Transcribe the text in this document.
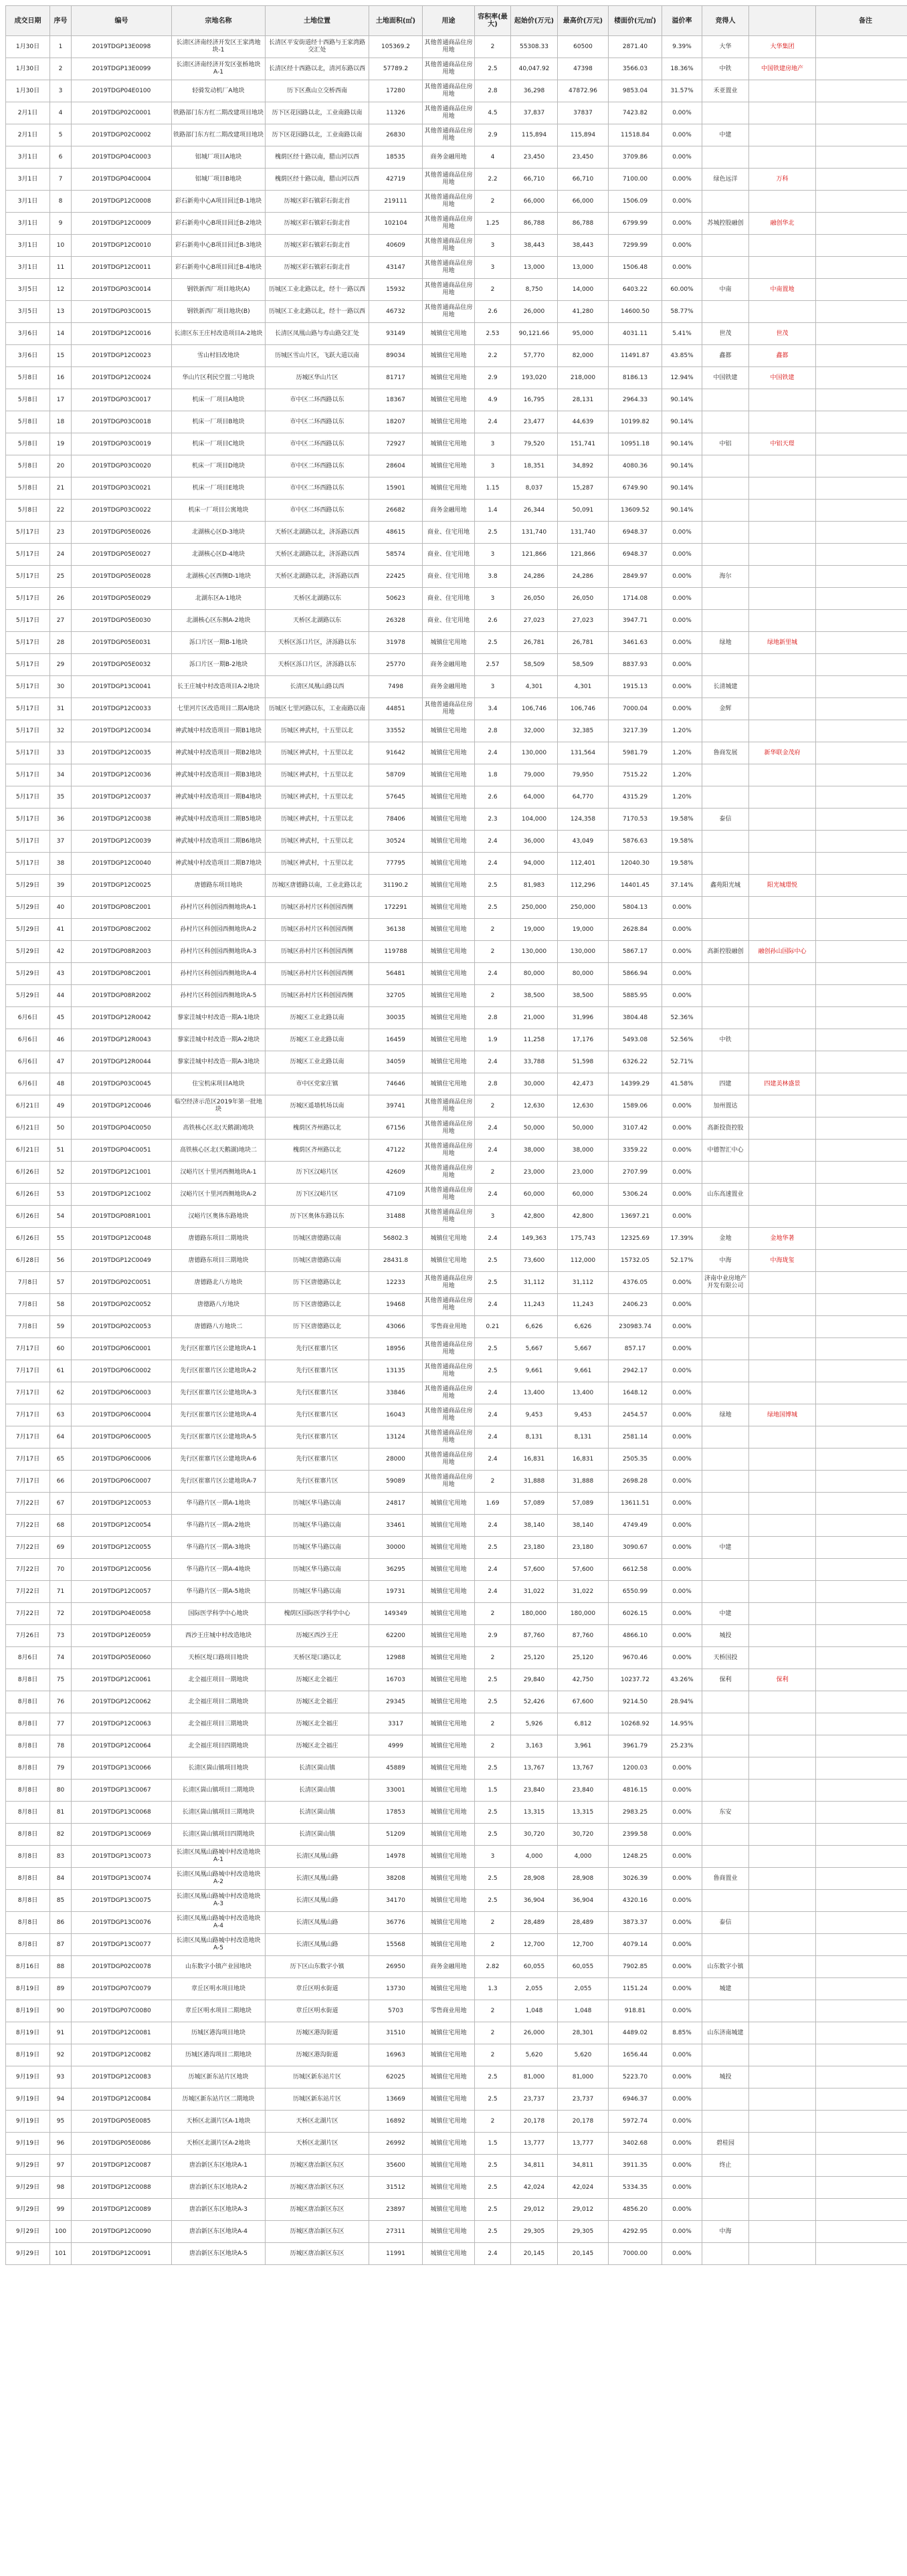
成交日期	序号	编号	宗地名称	土地位置	土地面积(㎡)	用途	容积率(最大)	起始价(万元)	最高价(万元)	楼面价(元/㎡)	溢价率	竞得人		备注
1月30日	1	2019TDGP13E0098	长清区济南经济开发区王家湾地块-1	长清区平安街道经十西路与王家湾路交汇处	105369.2	其他普通商品住房用地	2	55308.33	60500	2871.40	9.39%	大华	大华集团	
1月30日	2	2019TDGP13E0099	长清区济南经济开发区张桥地块A-1	长清区经十西路以北，清河东路以西	57789.2	其他普通商品住房用地	2.5	40,047.92	47398	3566.03	18.36%	中铁	中国铁建房地产	
1月30日	3	2019TDGP04E0100	轻骑发动机厂A地块	历下区燕山立交桥西南	17280	其他普通商品住房用地	2.8	36,298	47872.96	9853.04	31.57%	禾亚置业		
2月1日	4	2019TDGP02C0001	铁路部门东方红二期改建项目地块	历下区花园路以北，工业南路以南	11326	其他普通商品住房用地	4.5	37,837	37837	7423.82	0.00%			
2月1日	5	2019TDGP02C0002	铁路部门东方红二期改建项目地块	历下区花园路以北，工业南路以南	26830	其他普通商品住房用地	2.9	115,894	115,894	11518.84	0.00%	中建		
3月1日	6	2019TDGP04C0003	铝城厂项目A地块	槐荫区经十路以南，腊山河以西	18535	商务金融用地	4	23,450	23,450	3709.86	0.00%			
3月1日	7	2019TDGP04C0004	铝城厂项目B地块	槐荫区经十路以南，腊山河以西	42719	其他普通商品住房用地	2.2	66,710	66,710	7100.00	0.00%	绿色远洋	万科	
3月1日	8	2019TDGP12C0008	彩石新苑中心A项目回迁B-1地块	历城区彩石镇彩石街北首	219111	其他普通商品住房用地	2	66,000	66,000	1506.09	0.00%			
3月1日	9	2019TDGP12C0009	彩石新苑中心B项目回迁B-2地块	历城区彩石镇彩石街北首	102104	其他普通商品住房用地	1.25	86,788	86,788	6799.99	0.00%	苏城控股融创	融创华北	
3月1日	10	2019TDGP12C0010	彩石新苑中心B项目回迁B-3地块	历城区彩石镇彩石街北首	40609	其他普通商品住房用地	3	38,443	38,443	7299.99	0.00%			
3月1日	11	2019TDGP12C0011	彩石新苑中心B项目回迁B-4地块	历城区彩石镇彩石街北首	43147	其他普通商品住房用地	3	13,000	13,000	1506.48	0.00%			
3月5日	12	2019TDGP03C0014	钢铁新西厂项目地块(A)	历城区工业北路以北，经十一路以西	15932	其他普通商品住房用地	2	8,750	14,000	6403.22	60.00%	中南	中南置地	
3月5日	13	2019TDGP03C0015	钢铁新西厂项目地块(B)	历城区工业北路以北，经十一路以西	46732	其他普通商品住房用地	2.6	26,000	41,280	14600.50	58.77%			
3月6日	14	2019TDGP12C0016	长清区东王庄村改造项目A-2地块	长清区凤凰山路与寿山路交汇处	93149	城镇住宅用地	2.53	90,121.66	95,000	4031.11	5.41%	世茂	世茂	
3月6日	15	2019TDGP12C0023	雪山村旧改地块	历城区雪山片区，飞跃大道以南	89034	城镇住宅用地	2.2	57,770	82,000	11491.87	43.85%	鑫都	鑫都	
5月8日	16	2019TDGP12C0024	华山片区利民空置二号地块	历城区华山片区	81717	城镇住宅用地	2.9	193,020	218,000	8186.13	12.94%	中国铁建	中国铁建	
5月8日	17	2019TDGP03C0017	机床一厂项目A地块	市中区二环西路以东	18367	城镇住宅用地	4.9	16,795	28,131	2964.33	90.14%			
5月8日	18	2019TDGP03C0018	机床一厂项目B地块	市中区二环西路以东	18207	城镇住宅用地	2.4	23,477	44,639	10199.82	90.14%			
5月8日	19	2019TDGP03C0019	机床一厂项目C地块	市中区二环西路以东	72927	城镇住宅用地	3	79,520	151,741	10951.18	90.14%	中铝	中铝天璟	
5月8日	20	2019TDGP03C0020	机床一厂项目D地块	市中区二环西路以东	28604	城镇住宅用地	3	18,351	34,892	4080.36	90.14%			
5月8日	21	2019TDGP03C0021	机床一厂项目E地块	市中区二环西路以东	15901	城镇住宅用地	1.15	8,037	15,287	6749.90	90.14%			
5月8日	22	2019TDGP03C0022	机床一厂项目公寓地块	市中区二环西路以东	26682	商务金融用地	1.4	26,344	50,091	13609.52	90.14%			
5月17日	23	2019TDGP05E0026	北湖核心区D-3地块	天桥区北湖路以北，济泺路以西	48615	商业、住宅用地	2.5	131,740	131,740	6948.37	0.00%			
5月17日	24	2019TDGP05E0027	北湖核心区D-4地块	天桥区北湖路以北，济泺路以西	58574	商业、住宅用地	3	121,866	121,866	6948.37	0.00%			
5月17日	25	2019TDGP05E0028	北湖核心区西侧D-1地块	天桥区北湖路以北，济泺路以西	22425	商业、住宅用地	3.8	24,286	24,286	2849.97	0.00%	海尔		
5月17日	26	2019TDGP05E0029	北湖东区A-1地块	天桥区北湖路以东	50623	商业、住宅用地	3	26,050	26,050	1714.08	0.00%			
5月17日	27	2019TDGP05E0030	北湖核心区东侧A-2地块	天桥区北湖路以东	26328	商业、住宅用地	2.6	27,023	27,023	3947.71	0.00%			
5月17日	28	2019TDGP05E0031	泺口片区一期B-1地块	天桥区泺口片区，济泺路以东	31978	城镇住宅用地	2.5	26,781	26,781	3461.63	0.00%	绿地	绿地新里城	
5月17日	29	2019TDGP05E0032	泺口片区一期B-2地块	天桥区泺口片区，济泺路以东	25770	商务金融用地	2.57	58,509	58,509	8837.93	0.00%			
5月17日	30	2019TDGP13C0041	长王庄城中村改造项目A-2地块	长清区凤凰山路以西	7498	商务金融用地	3	4,301	4,301	1915.13	0.00%	长清城建		
5月17日	31	2019TDGP12C0033	七里河片区改造项目二期A地块	历城区七里河路以东，工业南路以南	44851	其他普通商品住房用地	3.4	106,746	106,746	7000.04	0.00%	金辉		
5月17日	32	2019TDGP12C0034	神武城中村改造项目一期B1地块	历城区神武村，十五里以北	33552	城镇住宅用地	2.8	32,000	32,385	3217.39	1.20%			
5月17日	33	2019TDGP12C0035	神武城中村改造项目一期B2地块	历城区神武村，十五里以北	91642	城镇住宅用地	2.4	130,000	131,564	5981.79	1.20%	鲁商发展	新华联金茂府	
5月17日	34	2019TDGP12C0036	神武城中村改造项目一期B3地块	历城区神武村，十五里以北	58709	城镇住宅用地	1.8	79,000	79,950	7515.22	1.20%			
5月17日	35	2019TDGP12C0037	神武城中村改造项目一期B4地块	历城区神武村，十五里以北	57645	城镇住宅用地	2.6	64,000	64,770	4315.29	1.20%			
5月17日	36	2019TDGP12C0038	神武城中村改造项目二期B5地块	历城区神武村，十五里以北	78406	城镇住宅用地	2.3	104,000	124,358	7170.53	19.58%	泰信		
5月17日	37	2019TDGP12C0039	神武城中村改造项目二期B6地块	历城区神武村，十五里以北	30524	城镇住宅用地	2.4	36,000	43,049	5876.63	19.58%			
5月17日	38	2019TDGP12C0040	神武城中村改造项目二期B7地块	历城区神武村，十五里以北	77795	城镇住宅用地	2.4	94,000	112,401	12040.30	19.58%			
5月29日	39	2019TDGP12C0025	唐德路东项目地块	历城区唐德路以南，工业北路以北	31190.2	城镇住宅用地	2.5	81,983	112,296	14401.45	37.14%	鑫苑阳光城	阳光城璟悦	
5月29日	40	2019TDGP08C2001	孙村片区科创园西侧地块A-1	历城区孙村片区科创园西侧	172291	城镇住宅用地	2.5	250,000	250,000	5804.13	0.00%			
5月29日	41	2019TDGP08C2002	孙村片区科创园西侧地块A-2	历城区孙村片区科创园西侧	36138	城镇住宅用地	2	19,000	19,000	2628.84	0.00%			
5月29日	42	2019TDGP08R2003	孙村片区科创园西侧地块A-3	历城区孙村片区科创园西侧	119788	城镇住宅用地	2	130,000	130,000	5867.17	0.00%	高新控股融创	融创孙山国际中心	
5月29日	43	2019TDGP08C2001	孙村片区科创园西侧地块A-4	历城区孙村片区科创园西侧	56481	城镇住宅用地	2.4	80,000	80,000	5866.94	0.00%			
5月29日	44	2019TDGP08R2002	孙村片区科创园西侧地块A-5	历城区孙村片区科创园西侧	32705	城镇住宅用地	2	38,500	38,500	5885.95	0.00%			
6月6日	45	2019TDGP12R0042	蓼家洼城中村改造一期A-1地块	历城区工业北路以南	30035	城镇住宅用地	2.8	21,000	31,996	3804.48	52.36%			
6月6日	46	2019TDGP12R0043	蓼家洼城中村改造一期A-2地块	历城区工业北路以南	16459	城镇住宅用地	1.9	11,258	17,176	5493.08	52.56%	中铁		
6月6日	47	2019TDGP12R0044	蓼家洼城中村改造一期A-3地块	历城区工业北路以南	34059	城镇住宅用地	2.4	33,788	51,598	6326.22	52.71%			
6月6日	48	2019TDGP03C0045	住宝机床项目A地块	市中区党家庄镇	74646	城镇住宅用地	2.8	30,000	42,473	14399.29	41.58%	四建	四建美林盛景	
6月21日	49	2019TDGP12C0046	临空经济示范区2019年第一批地块	历城区遥墙机场以南	39741	其他普通商品住房用地	2	12,630	12,630	1589.06	0.00%	加州置达		
6月21日	50	2019TDGP04C0050	高铁核心区北(天鹅湖)地块	槐荫区齐州路以北	67156	其他普通商品住房用地	2.4	50,000	50,000	3107.42	0.00%	高新投资控股		
6月21日	51	2019TDGP04C0051	高铁核心区北(天鹅湖)地块二	槐荫区齐州路以北	47122	其他普通商品住房用地	2.4	38,000	38,000	3359.22	0.00%	中德智汇中心		
6月26日	52	2019TDGP12C1001	汉峪片区十里河西侧地块A-1	历下区汉峪片区	42609	其他普通商品住房用地	2	23,000	23,000	2707.99	0.00%			
6月26日	53	2019TDGP12C1002	汉峪片区十里河西侧地块A-2	历下区汉峪片区	47109	其他普通商品住房用地	2.4	60,000	60,000	5306.24	0.00%	山东高速置业		
6月26日	54	2019TDGP08R1001	汉峪片区奥体东路地块	历下区奥体东路以东	31488	其他普通商品住房用地	3	42,800	42,800	13697.21	0.00%			
6月26日	55	2019TDGP12C0048	唐德路东项目二期地块	历城区唐德路以南	56802.3	城镇住宅用地	2.4	149,363	175,743	12325.69	17.39%	金地	金地华著	
6月28日	56	2019TDGP12C0049	唐德路东项目三期地块	历城区唐德路以南	28431.8	城镇住宅用地	2.5	73,600	112,000	15732.05	52.17%	中海	中海珑玺	
7月8日	57	2019TDGP02C0051	唐德路北八方地块	历下区唐德路以北	12233	其他普通商品住房用地	2.5	31,112	31,112	4376.05	0.00%	济南中业房地产开发有限公司		
7月8日	58	2019TDGP02C0052	唐德路八方地块	历下区唐德路以北	19468	其他普通商品住房用地	2.4	11,243	11,243	2406.23	0.00%			
7月8日	59	2019TDGP02C0053	唐德路八方地块二	历下区唐德路以北	43066	零售商业用地	0.21	6,626	6,626	230983.74	0.00%			
7月17日	60	2019TDGP06C0001	先行区崔寨片区公建地块A-1	先行区崔寨片区	18956	其他普通商品住房用地	2.5	5,667	5,667	857.17	0.00%			
7月17日	61	2019TDGP06C0002	先行区崔寨片区公建地块A-2	先行区崔寨片区	13135	其他普通商品住房用地	2.5	9,661	9,661	2942.17	0.00%			
7月17日	62	2019TDGP06C0003	先行区崔寨片区公建地块A-3	先行区崔寨片区	33846	其他普通商品住房用地	2.4	13,400	13,400	1648.12	0.00%			
7月17日	63	2019TDGP06C0004	先行区崔寨片区公建地块A-4	先行区崔寨片区	16043	其他普通商品住房用地	2.4	9,453	9,453	2454.57	0.00%	绿地	绿地国博城	
7月17日	64	2019TDGP06C0005	先行区崔寨片区公建地块A-5	先行区崔寨片区	13124	其他普通商品住房用地	2.4	8,131	8,131	2581.14	0.00%			
7月17日	65	2019TDGP06C0006	先行区崔寨片区公建地块A-6	先行区崔寨片区	28000	其他普通商品住房用地	2.4	16,831	16,831	2505.35	0.00%			
7月17日	66	2019TDGP06C0007	先行区崔寨片区公建地块A-7	先行区崔寨片区	59089	其他普通商品住房用地	2	31,888	31,888	2698.28	0.00%			
7月22日	67	2019TDGP12C0053	华马路片区一期A-1地块	历城区华马路以南	24817	城镇住宅用地	1.69	57,089	57,089	13611.51	0.00%			
7月22日	68	2019TDGP12C0054	华马路片区一期A-2地块	历城区华马路以南	33461	城镇住宅用地	2.4	38,140	38,140	4749.49	0.00%			
7月22日	69	2019TDGP12C0055	华马路片区一期A-3地块	历城区华马路以南	30000	城镇住宅用地	2.5	23,180	23,180	3090.67	0.00%	中建		
7月22日	70	2019TDGP12C0056	华马路片区一期A-4地块	历城区华马路以南	36295	城镇住宅用地	2.4	57,600	57,600	6612.58	0.00%			
7月22日	71	2019TDGP12C0057	华马路片区一期A-5地块	历城区华马路以南	19731	城镇住宅用地	2.4	31,022	31,022	6550.99	0.00%			
7月22日	72	2019TDGP04E0058	国际医学科学中心地块	槐荫区国际医学科学中心	149349	城镇住宅用地	2	180,000	180,000	6026.15	0.00%	中建		
7月26日	73	2019TDGP12E0059	西沙王庄城中村改造地块	历城区西沙王庄	62200	城镇住宅用地	2.9	87,760	87,760	4866.10	0.00%	城投		
8月6日	74	2019TDGP05E0060	天桥区堤口路项目地块	天桥区堤口路以北	12988	城镇住宅用地	2	25,120	25,120	9670.46	0.00%	天桥国投		
8月8日	75	2019TDGP12C0061	北全福庄项目一期地块	历城区北全福庄	16703	城镇住宅用地	2.5	29,840	42,750	10237.72	43.26%	保利	保利	
8月8日	76	2019TDGP12C0062	北全福庄项目二期地块	历城区北全福庄	29345	城镇住宅用地	2.5	52,426	67,600	9214.50	28.94%			
8月8日	77	2019TDGP12C0063	北全福庄项目三期地块	历城区北全福庄	3317	城镇住宅用地	2	5,926	6,812	10268.92	14.95%			
8月8日	78	2019TDGP12C0064	北全福庄项目四期地块	历城区北全福庄	4999	城镇住宅用地	2	3,163	3,961	3961.79	25.23%			
8月8日	79	2019TDGP13C0066	长清区崮山镇项目地块	长清区崮山镇	45889	城镇住宅用地	2.5	13,767	13,767	1200.03	0.00%			
8月8日	80	2019TDGP13C0067	长清区崮山镇项目二期地块	长清区崮山镇	33001	城镇住宅用地	1.5	23,840	23,840	4816.15	0.00%			
8月8日	81	2019TDGP13C0068	长清区崮山镇项目三期地块	长清区崮山镇	17853	城镇住宅用地	2.5	13,315	13,315	2983.25	0.00%	东安		
8月8日	82	2019TDGP13C0069	长清区崮山镇项目四期地块	长清区崮山镇	51209	城镇住宅用地	2.5	30,720	30,720	2399.58	0.00%			
8月8日	83	2019TDGP13C0073	长清区凤凰山路城中村改造地块A-1	长清区凤凰山路	14978	城镇住宅用地	3	4,000	4,000	1248.25	0.00%			
8月8日	84	2019TDGP13C0074	长清区凤凰山路城中村改造地块A-2	长清区凤凰山路	38208	城镇住宅用地	2.5	28,908	28,908	3026.39	0.00%	鲁商置业		
8月8日	85	2019TDGP13C0075	长清区凤凰山路城中村改造地块A-3	长清区凤凰山路	34170	城镇住宅用地	2.5	36,904	36,904	4320.16	0.00%			
8月8日	86	2019TDGP13C0076	长清区凤凰山路城中村改造地块A-4	长清区凤凰山路	36776	城镇住宅用地	2	28,489	28,489	3873.37	0.00%	泰信		
8月8日	87	2019TDGP13C0077	长清区凤凰山路城中村改造地块A-5	长清区凤凰山路	15568	城镇住宅用地	2	12,700	12,700	4079.14	0.00%			
8月16日	88	2019TDGP02C0078	山东数字小镇产业园地块	历下区山东数字小镇	26950	商务金融用地	2.82	60,055	60,055	7902.85	0.00%	山东数字小镇		
8月19日	89	2019TDGP07C0079	章丘区明水项目地块	章丘区明水街道	13730	城镇住宅用地	1.3	2,055	2,055	1151.24	0.00%	城建		
8月19日	90	2019TDGP07C0080	章丘区明水项目二期地块	章丘区明水街道	5703	零售商业用地	2	1,048	1,048	918.81	0.00%			
8月19日	91	2019TDGP12C0081	历城区港沟项目地块	历城区港沟街道	31510	城镇住宅用地	2	26,000	28,301	4489.02	8.85%	山东济南城建		
8月19日	92	2019TDGP12C0082	历城区港沟项目二期地块	历城区港沟街道	16963	城镇住宅用地	2	5,620	5,620	1656.44	0.00%			
9月19日	93	2019TDGP12C0083	历城区新东站片区地块	历城区新东站片区	62025	城镇住宅用地	2.5	81,000	81,000	5223.70	0.00%	城投		
9月19日	94	2019TDGP12C0084	历城区新东站片区二期地块	历城区新东站片区	13669	城镇住宅用地	2.5	23,737	23,737	6946.37	0.00%			
9月19日	95	2019TDGP05E0085	天桥区北湖片区A-1地块	天桥区北湖片区	16892	城镇住宅用地	2	20,178	20,178	5972.74	0.00%			
9月19日	96	2019TDGP05E0086	天桥区北湖片区A-2地块	天桥区北湖片区	26992	城镇住宅用地	1.5	13,777	13,777	3402.68	0.00%	碧桂园		
9月29日	97	2019TDGP12C0087	唐冶新区东区地块A-1	历城区唐冶新区东区	35600	城镇住宅用地	2.5	34,811	34,811	3911.35	0.00%	终止		
9月29日	98	2019TDGP12C0088	唐冶新区东区地块A-2	历城区唐冶新区东区	31512	城镇住宅用地	2.5	42,024	42,024	5334.35	0.00%			
9月29日	99	2019TDGP12C0089	唐冶新区东区地块A-3	历城区唐冶新区东区	23897	城镇住宅用地	2.5	29,012	29,012	4856.20	0.00%			
9月29日	100	2019TDGP12C0090	唐冶新区东区地块A-4	历城区唐冶新区东区	27311	城镇住宅用地	2.5	29,305	29,305	4292.95	0.00%	中海		
9月29日	101	2019TDGP12C0091	唐冶新区东区地块A-5	历城区唐冶新区东区	11991	城镇住宅用地	2.4	20,145	20,145	7000.00	0.00%			
